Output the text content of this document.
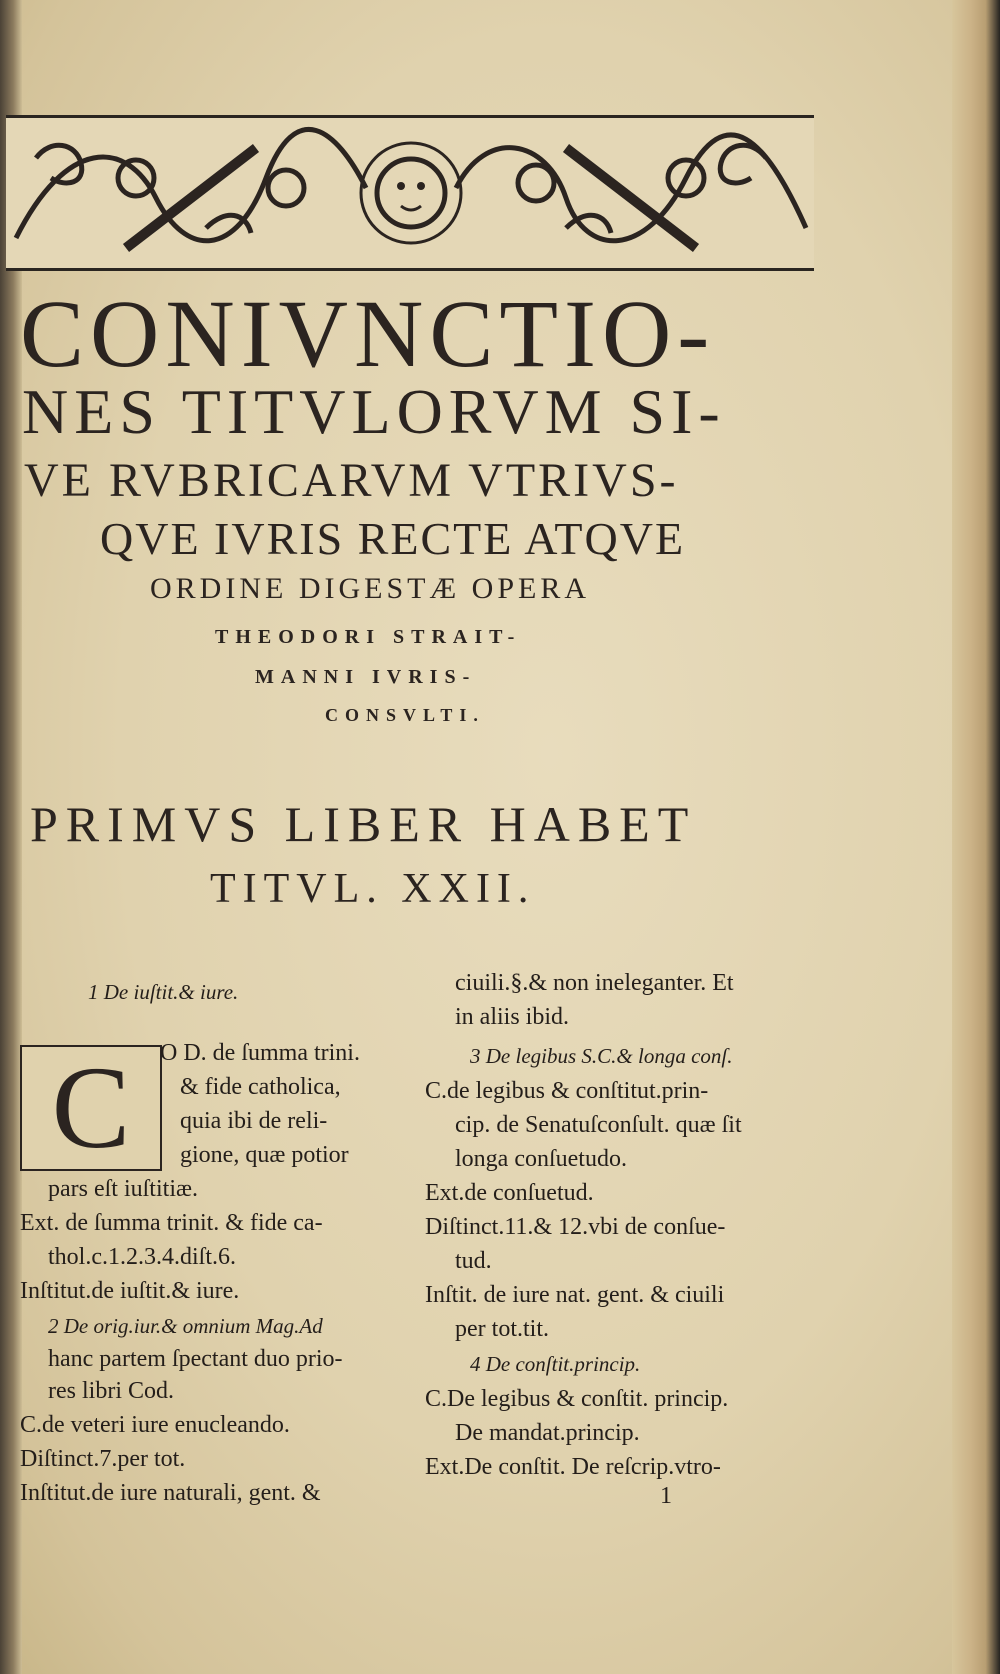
CONIVNCTIO-
NES TITVLORVM SI-
VE RVBRICARVM VTRIVS-
QVE IVRIS RECTE ATQVE
ORDINE DIGESTÆ OPERA
THEODORI STRAIT-
MANNI IVRIS-
CONSVLTI.
PRIMVS LIBER HABET
TITVL. XXII.
C
1 De iuſtit.& iure.
O D. de ſumma trini.
& fide catholica,
quia ibi de reli-
gione, quæ potior
pars eſt iuſtitiæ.
Ext. de ſumma trinit. & fide ca-
thol.c.1.2.3.4.diſt.6.
Inſtitut.de iuſtit.& iure.
2 De orig.iur.& omnium Mag.Ad
hanc partem ſpectant duo prio-
res libri Cod.
C.de veteri iure enucleando.
Diſtinct.7.per tot.
Inſtitut.de iure naturali, gent. &
ciuili.§.& non ineleganter. Et
in aliis ibid.
3 De legibus S.C.& longa conſ.
C.de legibus & conſtitut.prin-
cip. de Senatuſconſult. quæ ſit
longa conſuetudo.
Ext.de conſuetud.
Diſtinct.11.& 12.vbi de conſue-
tud.
Inſtit. de iure nat. gent. & ciuili
per tot.tit.
4 De conſtit.princip.
C.De legibus & conſtit. princip.
De mandat.princip.
Ext.De conſtit. De reſcrip.vtro-
1
